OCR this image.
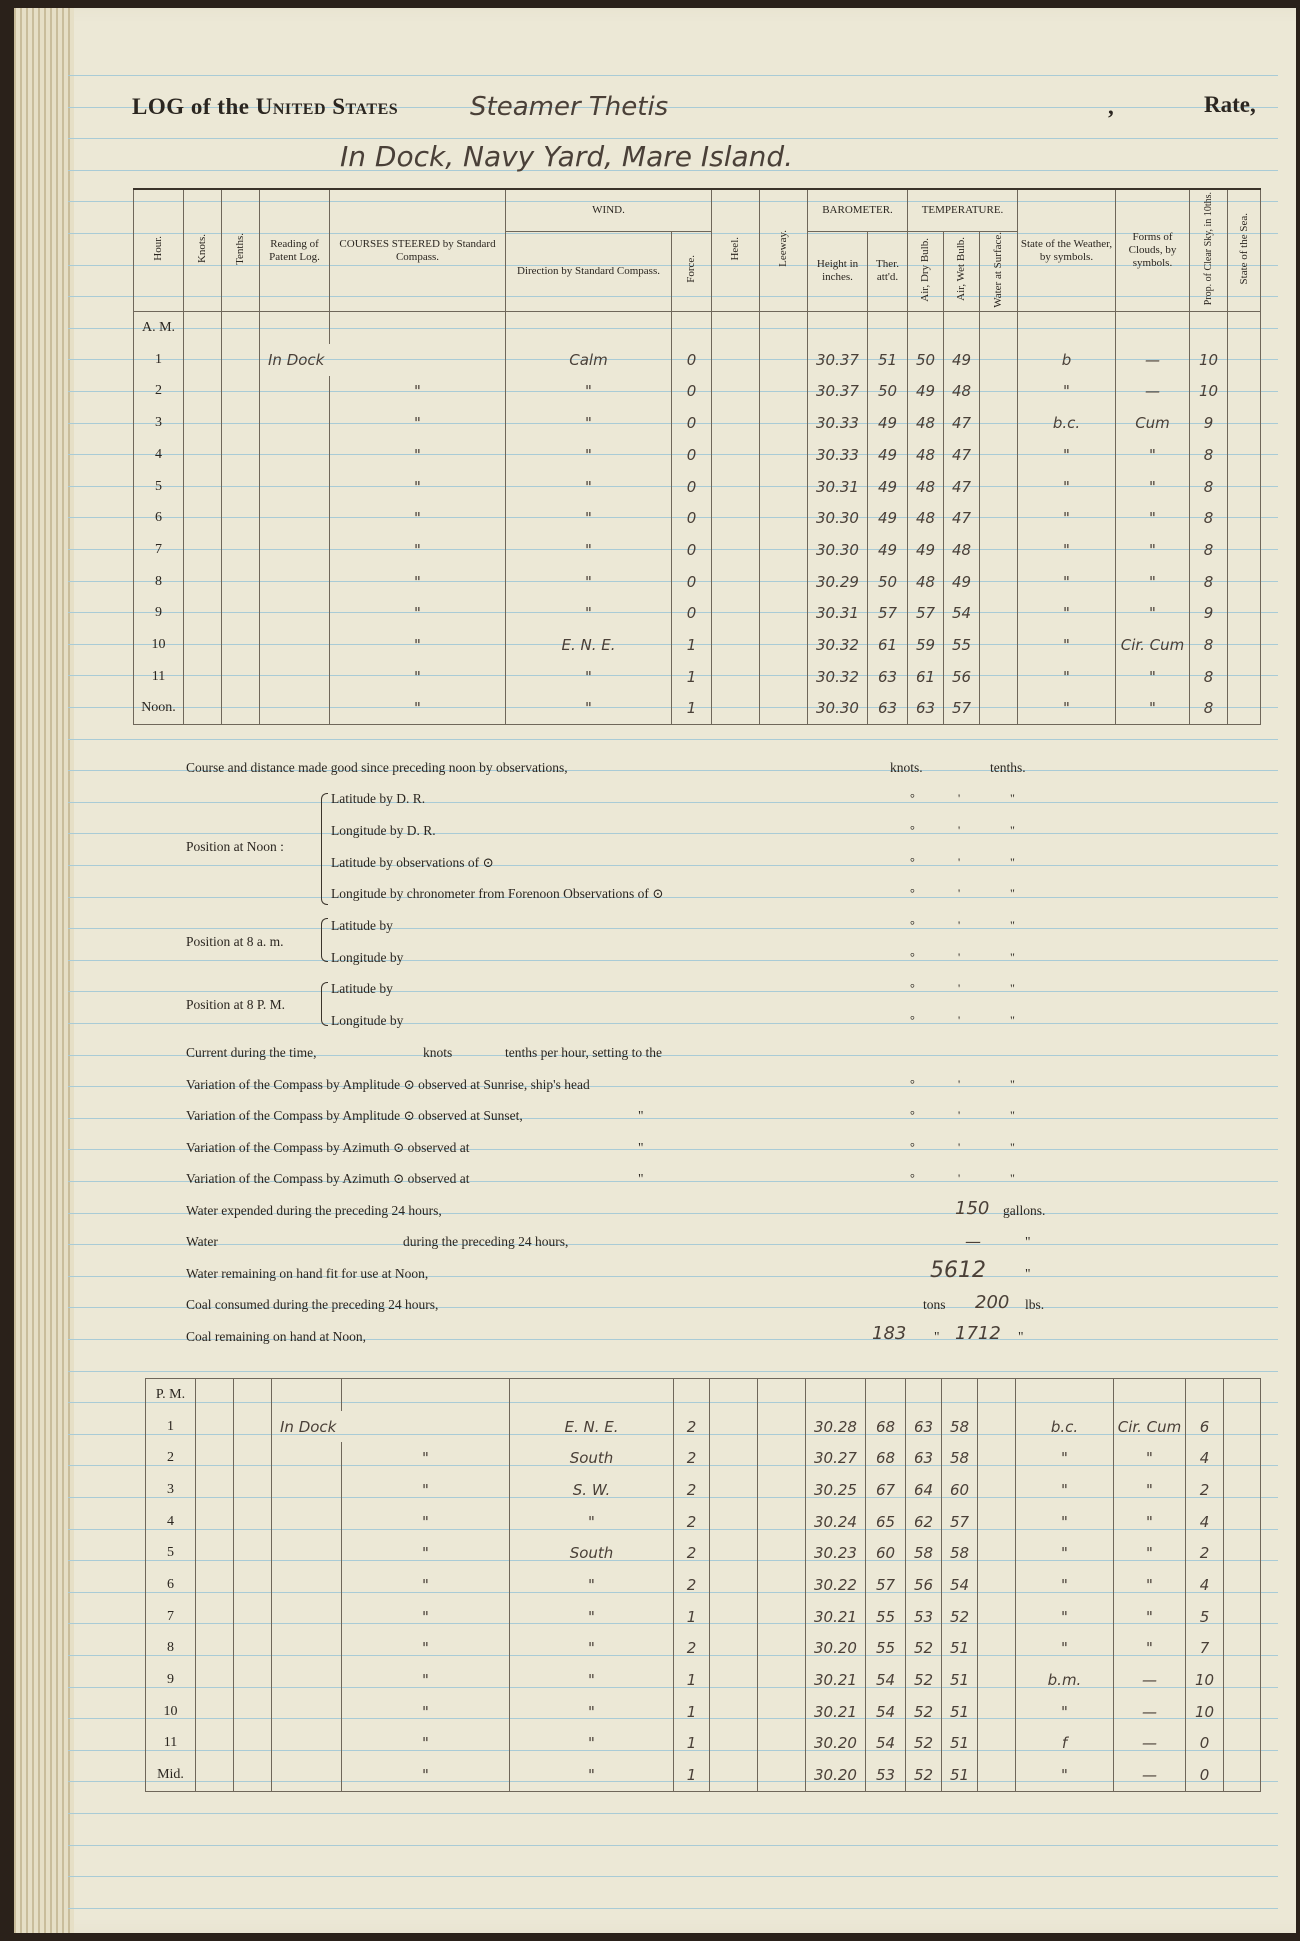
LOG of the United States	Steamer Thetis	,	Rate,
In Dock, Navy Yard, Mare Island.
Hour.	Knots.	Tenths.	Reading of Patent Log.	COURSES STEERED by Standard Compass.	WIND.		Heel.	Leeway.	BAROMETER.		TEMPERATURE.			State of the Weather, by symbols.	Forms of Clouds, by symbols.	Prop. of Clear Sky, in 10ths.	State of the Sea.
					Direction by Standard Compass.	Force.			Height in inches.	Ther. att'd.	Air, Dry Bulb.	Air, Wet Bulb.	Water at Surface.				
A. M.																	
1			In Dock		Calm	0			30.37	51	50	49		b	—	10	
2				"	"	0			30.37	50	49	48		"	—	10	
3				"	"	0			30.33	49	48	47		b.c.	Cum	9	
4				"	"	0			30.33	49	48	47		"	"	8	
5				"	"	0			30.31	49	48	47		"	"	8	
6				"	"	0			30.30	49	48	47		"	"	8	
7				"	"	0			30.30	49	49	48		"	"	8	
8				"	"	0			30.29	50	48	49		"	"	8	
9				"	"	0			30.31	57	57	54		"	"	9	
10				"	E. N. E.	1			30.32	61	59	55		"	Cir. Cum	8	
11				"	"	1			30.32	63	61	56		"	"	8	
Noon.				"	"	1			30.30	63	63	57		"	"	8	
Course and distance made good since preceding noon by observations,	knots.	tenths.
Latitude by D. R.	°	'	"
Longitude by D. R.	°	'	"
Position at Noon :
Latitude by observations of ⊙	°	'	"
Longitude by chronometer from Forenoon Observations of ⊙	°	'	"
Position at 8 a. m.
Latitude by	°	'	"
Longitude by	°	'	"
Position at 8 P. M.
Latitude by	°	'	"
Longitude by	°	'	"
Current during the time,	knots	tenths per hour, setting to the
Variation of the Compass by Amplitude ⊙ observed at Sunrise, ship's head	°	'	"
Variation of the Compass by Amplitude ⊙ observed at Sunset,	"	°	'	"
Variation of the Compass by Azimuth ⊙ observed at	"	°	'	"
Variation of the Compass by Azimuth ⊙ observed at	"	°	'	"
Water expended during the preceding 24 hours,	150 gallons.
Water	during the preceding 24 hours,	—	"
Water remaining on hand fit for use at Noon,	5612	"
Coal consumed during the preceding 24 hours,	tons 200 lbs.
Coal remaining on hand at Noon,	183 " 1712 "
P. M.																	
1			In Dock		E. N. E.	2			30.28	68	63	58		b.c.	Cir. Cum	6	
2				"	South	2			30.27	68	63	58		"	"	4	
3				"	S. W.	2			30.25	67	64	60		"	"	2	
4				"	"	2			30.24	65	62	57		"	"	4	
5				"	South	2			30.23	60	58	58		"	"	2	
6				"	"	2			30.22	57	56	54		"	"	4	
7				"	"	1			30.21	55	53	52		"	"	5	
8				"	"	2			30.20	55	52	51		"	"	7	
9				"	"	1			30.21	54	52	51		b.m.	—	10	
10				"	"	1			30.21	54	52	51		"	—	10	
11				"	"	1			30.20	54	52	51		f	—	0	
Mid.				"	"	1			30.20	53	52	51		"	—	0	
